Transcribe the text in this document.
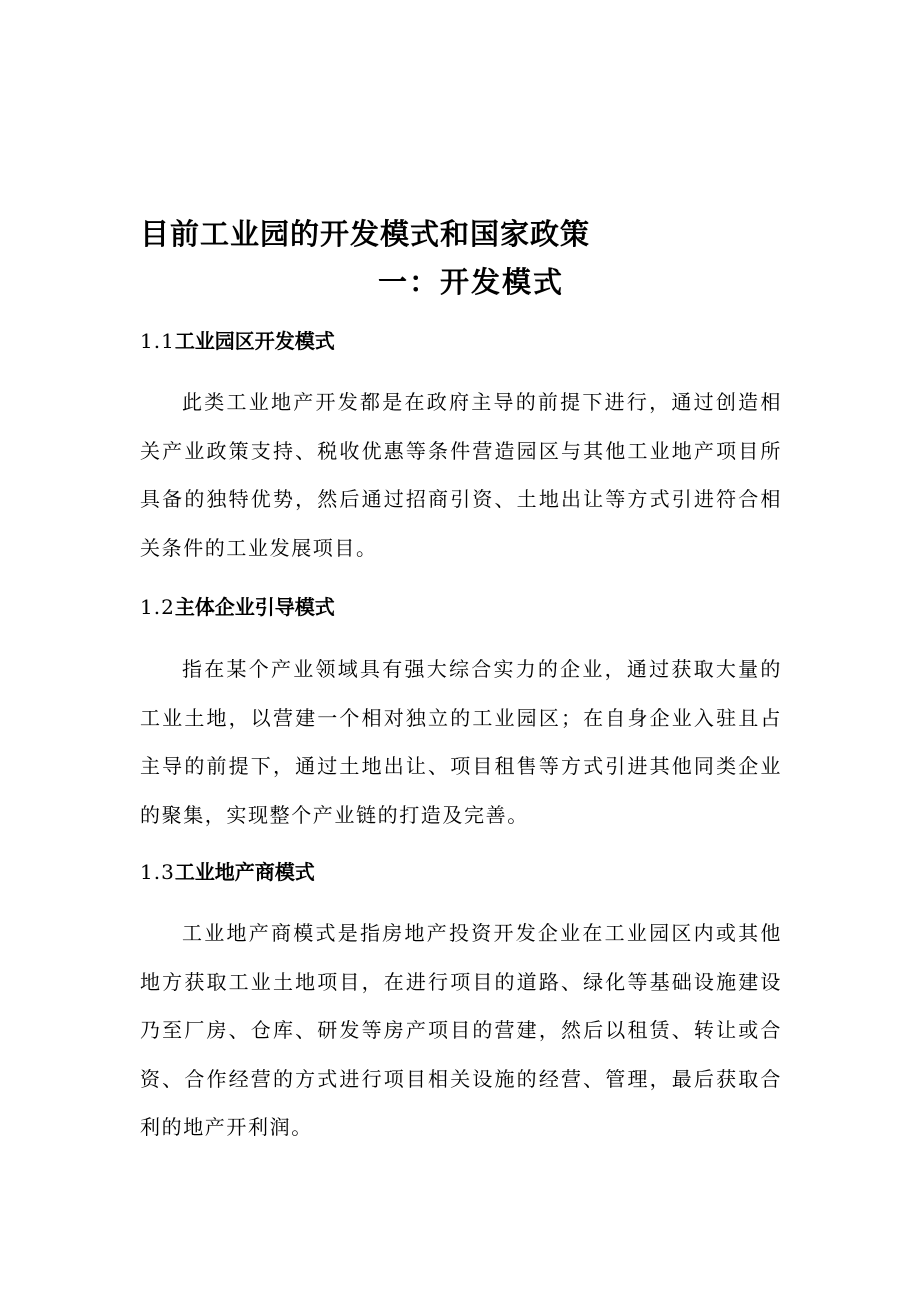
目前工业园的开发模式和国家政策
一：开发模式
1.1工业园区开发模式

此类工业地产开发都是在政府主导的前提下进行，通过创造相关产业政策支持、税收优惠等条件营造园区与其他工业地产项目所具备的独特优势，然后通过招商引资、土地出让等方式引进符合相关条件的工业发展项目。

1.2主体企业引导模式

指在某个产业领域具有强大综合实力的企业，通过获取大量的工业土地，以营建一个相对独立的工业园区；在自身企业入驻且占主导的前提下，通过土地出让、项目租售等方式引进其他同类企业的聚集，实现整个产业链的打造及完善。

1.3工业地产商模式

工业地产商模式是指房地产投资开发企业在工业园区内或其他地方获取工业土地项目，在进行项目的道路、绿化等基础设施建设乃至厂房、仓库、研发等房产项目的营建，然后以租赁、转让或合资、合作经营的方式进行项目相关设施的经营、管理，最后获取合利的地产开利润。
